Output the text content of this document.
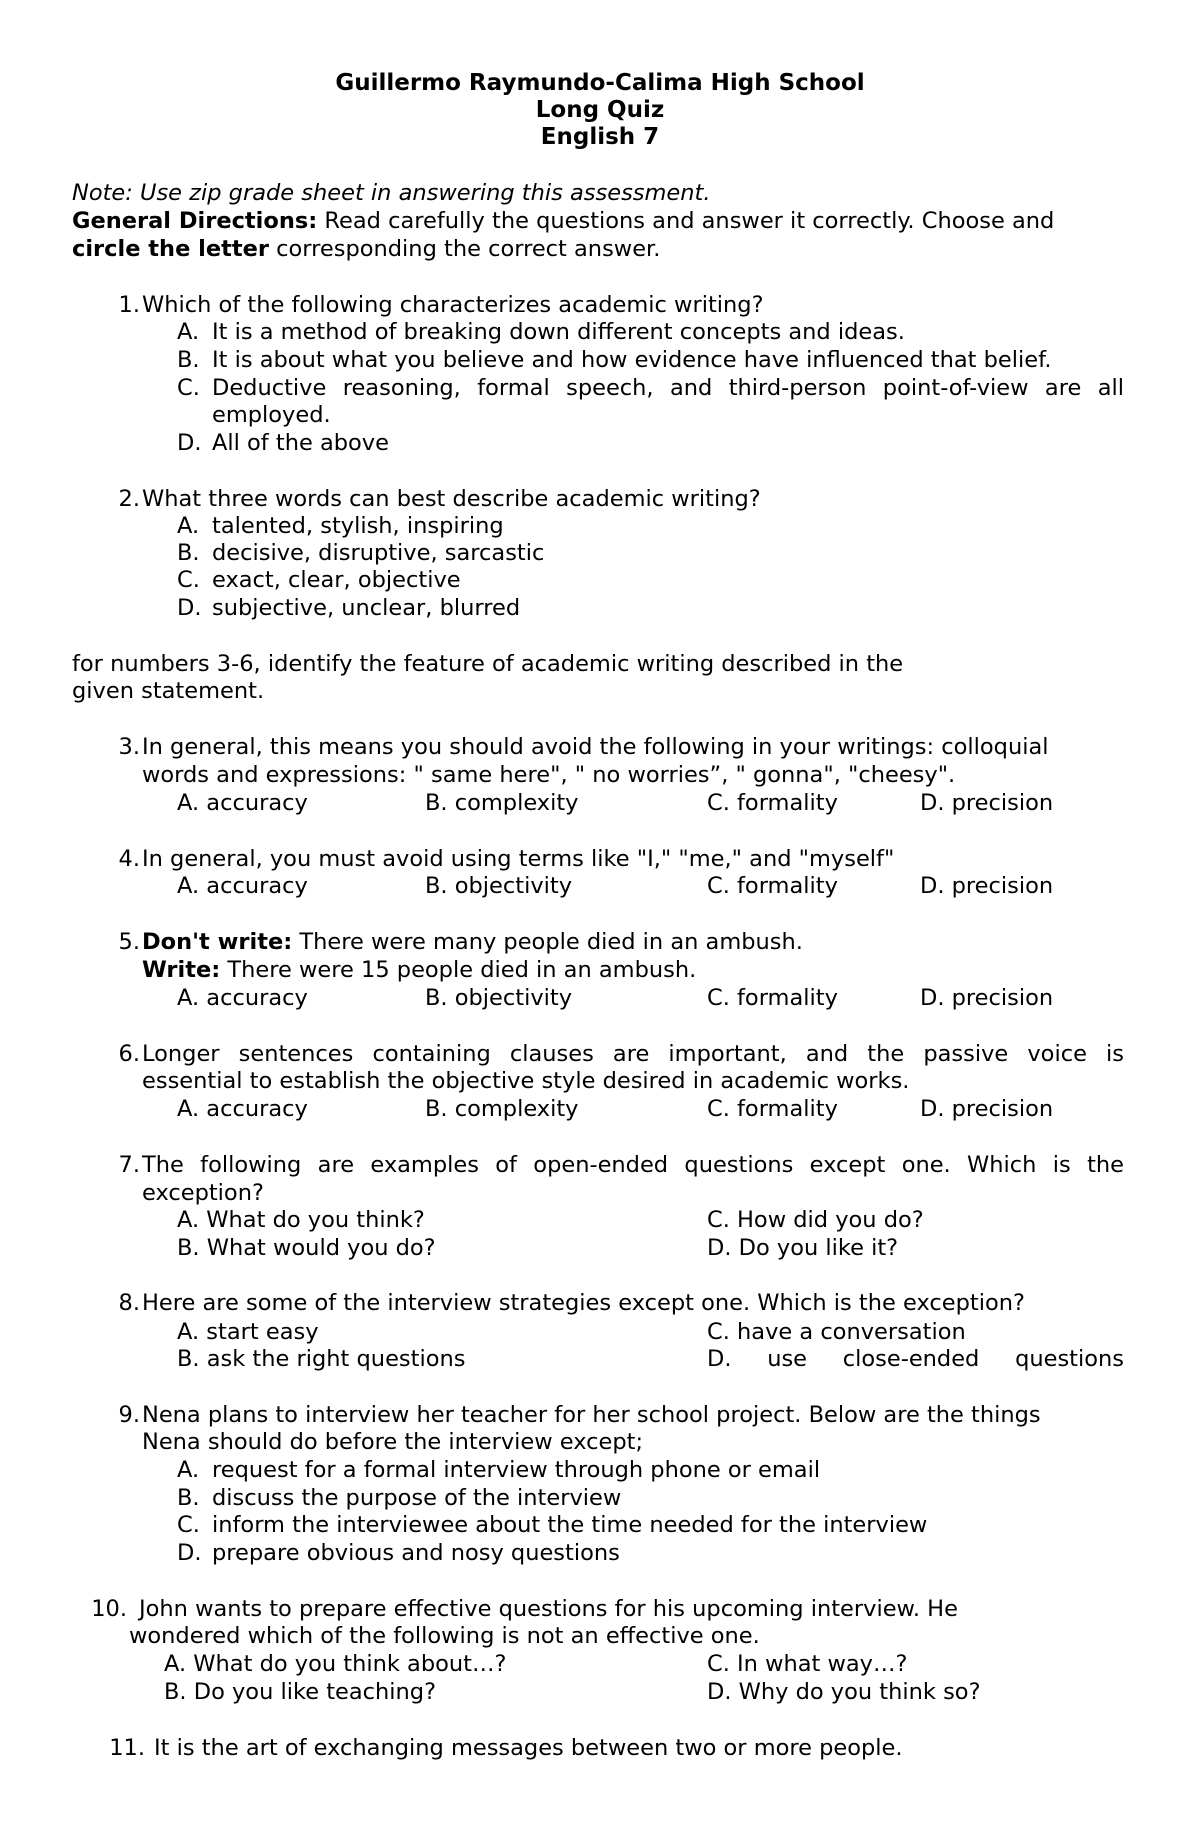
Guillermo Raymundo-Calima High School
Long Quiz
English 7
Note: Use zip grade sheet in answering this assessment.
General Directions: Read carefully the questions and answer it correctly. Choose and
circle the letter corresponding the correct answer.
1. Which of the following characterizes academic writing?
A. It is a method of breaking down different concepts and ideas.
B. It is about what you believe and how evidence have influenced that belief.
C. Deductive reasoning, formal speech, and third-person point-of-view are all
employed.
D. All of the above
2. What three words can best describe academic writing?
A. talented, stylish, inspiring
B. decisive, disruptive, sarcastic
C. exact, clear, objective
D. subjective, unclear, blurred
for numbers 3-6, identify the feature of academic writing described in the
given statement.
3. In general, this means you should avoid the following in your writings: colloquial
words and expressions: " same here", " no worries”, " gonna", "cheesy".
A. accuracy	B. complexity	C. formality	D. precision
4. In general, you must avoid using terms like "I," "me," and "myself"
A. accuracy	B. objectivity	C. formality	D. precision
5. Don't write: There were many people died in an ambush.
Write: There were 15 people died in an ambush.
A. accuracy	B. objectivity	C. formality	D. precision
6. Longer sentences containing clauses are important, and the passive voice is
essential to establish the objective style desired in academic works.
A. accuracy	B. complexity	C. formality	D. precision
7. The following are examples of open-ended questions except one. Which is the
exception?
A. What do you think?	C. How did you do?
B. What would you do?	D. Do you like it?
8. Here are some of the interview strategies except one. Which is the exception?
A. start easy	C. have a conversation
B. ask the right questions	D. use close-ended questions
9. Nena plans to interview her teacher for her school project. Below are the things
Nena should do before the interview except;
A. request for a formal interview through phone or email
B. discuss the purpose of the interview
C. inform the interviewee about the time needed for the interview
D. prepare obvious and nosy questions
10. John wants to prepare effective questions for his upcoming interview. He
wondered which of the following is not an effective one.
A. What do you think about…?	C. In what way…?
B. Do you like teaching?	D. Why do you think so?
11. It is the art of exchanging messages between two or more people.
